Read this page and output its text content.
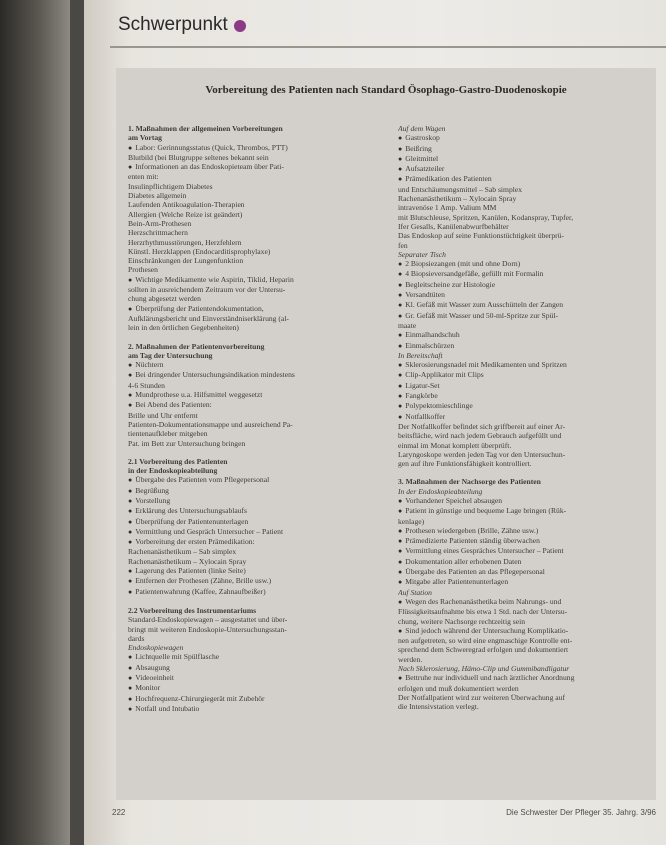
Schwerpunkt
Vorbereitung des Patienten nach Standard Ösophago-Gastro-Duodenoskopie
1. Maßnahmen der allgemeinen Vorbereitungen
am Vortag
● Labor: Gerinnungsstatus (Quick, Thrombos, PTT)
Blutbild (bei Blutgruppe seltenes bekannt sein
● Informationen an das Endoskopieteam über Pati-
enten mit:
Insulinpflichtigem Diabetes
Diabetes allgemein
Laufenden Antikoagulation-Therapien
Allergien (Welche Reize ist geändert)
Bein-Arm-Prothesen
Herzschrittmachern
Herzrhythmusstörungen, Herzfehlern
Künstl. Herzklappen (Endocarditisprophylaxe)
Einschränkungen der Lungenfunktion
Prothesen
● Wichtige Medikamente wie Aspirin, Tiklid, Heparin
sollten in ausreichendem Zeitraum vor der Untersu-
chung abgesetzt werden
● Überprüfung der Patientendokumentation,
Aufklärungsbericht und Einverständniserklärung (al-
lein in den örtlichen Gegebenheiten)
2. Maßnahmen der Patientenvorbereitung
am Tag der Untersuchung
● Nüchtern
● Bei dringender Untersuchungsindikation mindestens
4-6 Stunden
● Mundprothese u.a. Hilfsmittel weggesetzt
● Bei Abend des Patienten:
Brille und Uhr entfernt
Patienten-Dokumentationsmappe und ausreichend Pa-
tientenaufkleber mitgeben
Pat. im Bett zur Untersuchung bringen
2.1 Vorbereitung des Patienten
in der Endoskopieabteilung
● Übergabe des Patienten vom Pflegepersonal
● Begrüßung
● Vorstellung
● Erklärung des Untersuchungsablaufs
● Überprüfung der Patientenunterlagen
● Vermittlung und Gespräch Untersucher – Patient
● Vorbereitung der ersten Prämedikation:
Rachenanästhetikum – Sab simplex
Rachenanästhetikum – Xylocain Spray
● Lagerung des Patienten (linke Seite)
● Entfernen der Prothesen (Zähne, Brille usw.)
● Patientenwahrung (Kaffee, Zahnaufbeißer)
2.2 Vorbereitung des Instrumentariums
Standard-Endoskopiewagen – ausgestattet und über-
bringt mit weiteren Endoskopie-Untersuchungsstan-
dards
Endoskopiewagen
● Lichtquelle mit Spülflasche
● Absaugung
● Videoeinheit
● Monitor
● Hochfrequenz-Chirurgiegerät mit Zubehör
● Notfall und Intubatio
Auf dem Wagen
● Gastroskop
● Beißring
● Gleitmittel
● Aufsatzteiler
● Prämedikation des Patienten
und Entschäumungsmittel – Sab simplex
Rachenanästhetikum – Xylocain Spray
intravenöse 1 Amp. Valium MM
mit Blutschleuse, Spritzen, Kanülen, Kodanspray, Tupfer,
Ifer Gesalls, Kanülenabwurfbehälter
Das Endoskop auf seine Funktionstüchtigkeit überprü-
fen
Separater Tisch
● 2 Biopsiezangen (mit und ohne Dorn)
● 4 Biopsieversandgefäße, gefüllt mit Formalin
● Begleitscheine zur Histologie
● Versandtüten
● Kl. Gefäß mit Wasser zum Ausschütteln der Zangen
● Gr. Gefäß mit Wasser und 50-ml-Spritze zur Spül-
maate
● Einmalhandschuh
● Einmalschürzen
In Bereitschaft
● Sklerosierungsnadel mit Medikamenten und Spritzen
● Clip-Applikator mit Clips
● Ligatur-Set
● Fangkörbe
● Polypektomieschlinge
● Notfallkoffer
Der Notfallkoffer befindet sich griffbereit auf einer Ar-
beitsfläche, wird nach jedem Gebrauch aufgefüllt und
einmal im Monat komplett überprüft.
Laryngoskope werden jeden Tag vor den Untersuchun-
gen auf ihre Funktionsfähigkeit kontrolliert.
3. Maßnahmen der Nachsorge des Patienten
In der Endoskopieabteilung
● Vorhandener Speichel absaugen
● Patient in günstige und bequeme Lage bringen (Rük-
kenlage)
● Prothesen wiedergeben (Brille, Zähne usw.)
● Prämedizierte Patienten ständig überwachen
● Vermittlung eines Gespräches Untersucher – Patient
● Dokumentation aller erhobenen Daten
● Übergabe des Patienten an das Pflegepersonal
● Mitgabe aller Patientenunterlagen
Auf Station
● Wegen des Rachenanästhetika beim Nahrungs- und
Flüssigkeitsaufnahme bis etwa 1 Std. nach der Untersu-
chung, weitere Nachsorge rechtzeitig sein
● Sind jedoch während der Untersuchung Komplikatio-
nen aufgetreten, so wird eine engmaschige Kontrolle ent-
sprechend dem Schweregrad erfolgen und dokumentiert
werden.
Nach Sklerosierung, Hämo-Clip und Gummibandligatur
● Bettruhe nur individuell und nach ärztlicher Anordnung
erfolgen und muß dokumentiert werden
Der Notfallpatient wird zur weiteren Überwachung auf
die Intensivstation verlegt.
222	Die Schwester Der Pfleger 35. Jahrg. 3/96
